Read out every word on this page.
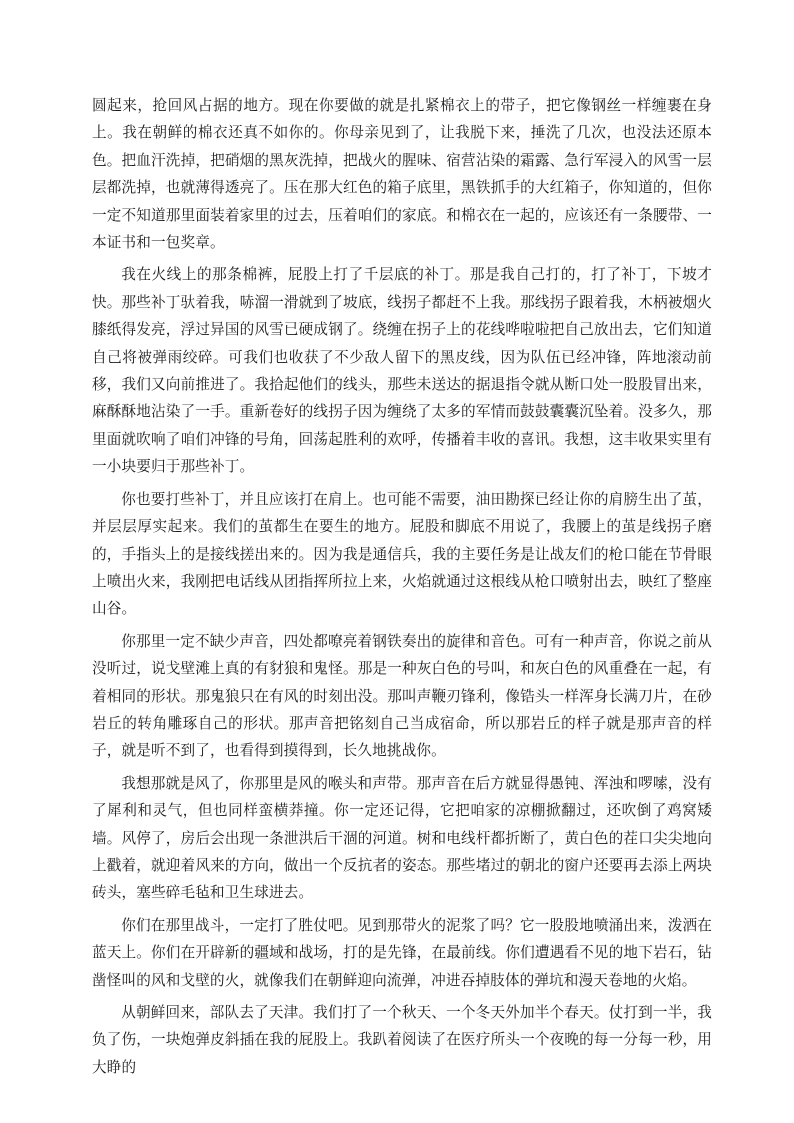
圆起来，抢回风占据的地方。现在你要做的就是扎紧棉衣上的带子，把它像钢丝一样缠裹在身上。我在朝鲜的棉衣还真不如你的。你母亲见到了，让我脱下来，捶洗了几次，也没法还原本色。把血汗洗掉，把硝烟的黑灰洗掉，把战火的腥味、宿营沾染的霜露、急行军浸入的风雪一层层都洗掉，也就薄得透亮了。压在那大红色的箱子底里，黑铁抓手的大红箱子，你知道的，但你一定不知道那里面装着家里的过去，压着咱们的家底。和棉衣在一起的，应该还有一条腰带、一本证书和一包奖章。

我在火线上的那条棉裤，屁股上打了千层底的补丁。那是我自己打的，打了补丁，下坡才快。那些补丁驮着我，哧溜一滑就到了坡底，线拐子都赶不上我。那线拐子跟着我，木柄被烟火膝纸得发亮，浮过异国的风雪已硬成钢了。绕缠在拐子上的花线哗啦啦把自己放出去，它们知道自己将被弹雨绞碎。可我们也收获了不少敌人留下的黑皮线，因为队伍已经冲锋，阵地滚动前移，我们又向前推进了。我拾起他们的线头，那些未送达的据退指令就从断口处一股股冒出来，麻酥酥地沾染了一手。重新卷好的线拐子因为缠绕了太多的军情而鼓鼓囊囊沉坠着。没多久，那里面就吹响了咱们冲锋的号角，回荡起胜利的欢呼，传播着丰收的喜讯。我想，这丰收果实里有一小块要归于那些补丁。

你也要打些补丁，并且应该打在肩上。也可能不需要，油田勘探已经让你的肩膀生出了茧，并层层厚实起来。我们的茧都生在要生的地方。屁股和脚底不用说了，我腰上的茧是线拐子磨的，手指头上的是接线搓出来的。因为我是通信兵，我的主要任务是让战友们的枪口能在节骨眼上喷出火来，我刚把电话线从团指挥所拉上来，火焰就通过这根线从枪口喷射出去，映红了整座山谷。

你那里一定不缺少声音，四处都嘹亮着钢铁奏出的旋律和音色。可有一种声音，你说之前从没听过，说戈壁滩上真的有豺狼和鬼怪。那是一种灰白色的号叫，和灰白色的风重叠在一起，有着相同的形状。那鬼狼只在有风的时刻出没。那叫声鞭刃锋利，像锆头一样浑身长满刀片，在砂岩丘的转角雕琢自己的形状。那声音把铭刻自己当成宿命，所以那岩丘的样子就是那声音的样子，就是听不到了，也看得到摸得到，长久地挑战你。

我想那就是风了，你那里是风的喉头和声带。那声音在后方就显得愚钝、浑浊和啰嗦，没有了犀利和灵气，但也同样蛮横莽撞。你一定还记得，它把咱家的凉棚掀翻过，还吹倒了鸡窝矮墙。风停了，房后会出现一条泄洪后干涸的河道。树和电线杆都折断了，黄白色的茬口尖尖地向上戳着，就迎着风来的方向，做出一个反抗者的姿态。那些堵过的朝北的窗户还要再去添上两块砖头，塞些碎毛毡和卫生球进去。

你们在那里战斗，一定打了胜仗吧。见到那带火的泥浆了吗？它一股股地喷涌出来，泼洒在蓝天上。你们在开辟新的疆域和战场，打的是先锋，在最前线。你们遭遇看不见的地下岩石，钻凿怪叫的风和戈壁的火，就像我们在朝鲜迎向流弹，冲进吞掉肢体的弹坑和漫天卷地的火焰。

从朝鲜回来，部队去了天津。我们打了一个秋天、一个冬天外加半个春天。仗打到一半，我负了伤，一块炮弹皮斜插在我的屁股上。我趴着阅读了在医疗所头一个夜晚的每一分每一秒，用大睁的
